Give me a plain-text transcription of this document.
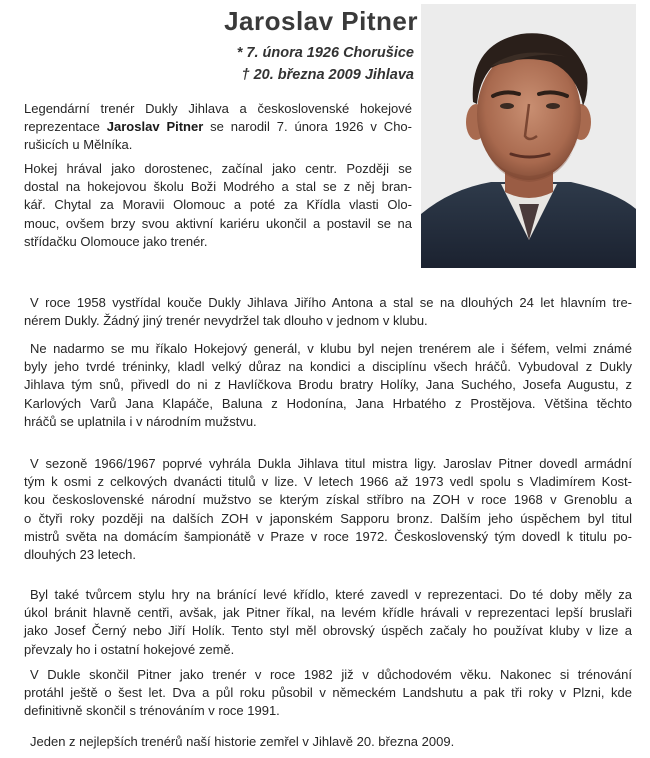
Jaroslav Pitner
* 7. února 1926 Chorušice
† 20. března 2009 Jihlava
Legendární trenér Dukly Jihlava a československé hokejové
reprezentace Jaroslav Pitner se narodil 7. února 1926 v Cho-
rušicích u Mělníka.
Hokej hrával jako dorostenec, začínal jako centr. Později se
dostal na hokejovou školu Boži Modrého a stal se z něj bran-
kář. Chytal za Moravii Olomouc a poté za Křídla vlasti Olo-
mouc, ovšem brzy svou aktivní kariéru ukončil a postavil se na
střídačku Olomouce jako trenér.
V roce 1958 vystřídal kouče Dukly Jihlava Jiřího Antona a stal se na dlouhých 24 let hlavním tre-
nérem Dukly. Žádný jiný trenér nevydržel tak dlouho v jednom v klubu.
Ne nadarmo se mu říkalo Hokejový generál, v klubu byl nejen trenérem ale i šéfem, velmi známé
byly jeho tvrdé tréninky, kladl velký důraz na kondici a disciplínu všech hráčů. Vybudoval z Dukly
Jihlava tým snů, přivedl do ni z Havlíčkova Brodu bratry Holíky, Jana Suchého, Josefa Augustu, z
Karlových Varů Jana Klapáče, Baluna z Hodonína, Jana Hrbatého z Prostějova. Většina těchto
hráčů se uplatnila i v národním mužstvu.
V sezoně 1966/1967 poprvé vyhrála Dukla Jihlava titul mistra ligy. Jaroslav Pitner dovedl armádní
tým k osmi z celkových dvanácti titulů v lize. V letech 1966 až 1973 vedl spolu s Vladimírem Kost-
kou československé národní mužstvo se kterým získal stříbro na ZOH v roce 1968 v Grenoblu a
o čtyři roky později na dalších ZOH v japonském Sapporu bronz. Dalším jeho úspěchem byl titul
mistrů světa na domácím šampionátě v Praze v roce 1972. Československý tým dovedl k titulu po-
dlouhých 23 letech.
Byl také tvůrcem stylu hry na bránící levé křídlo, které zavedl v reprezentaci. Do té doby měly za
úkol bránit hlavně centři, avšak, jak Pitner říkal, na levém křídle hrávali v reprezentaci lepší bruslaři
jako Josef Černý nebo Jiří Holík. Tento styl měl obrovský úspěch začaly ho používat kluby v lize a
převzaly ho i ostatní hokejové země.
V Dukle skončil Pitner jako trenér v roce 1982 již v důchodovém věku. Nakonec si trénování
protáhl ještě o šest let. Dva a půl roku působil v německém Landshutu a pak tři roky v Plzni, kde
definitivně skončil s trénováním v roce 1991.
Jeden z nejlepších trenérů naší historie zemřel v Jihlavě 20. března 2009.
